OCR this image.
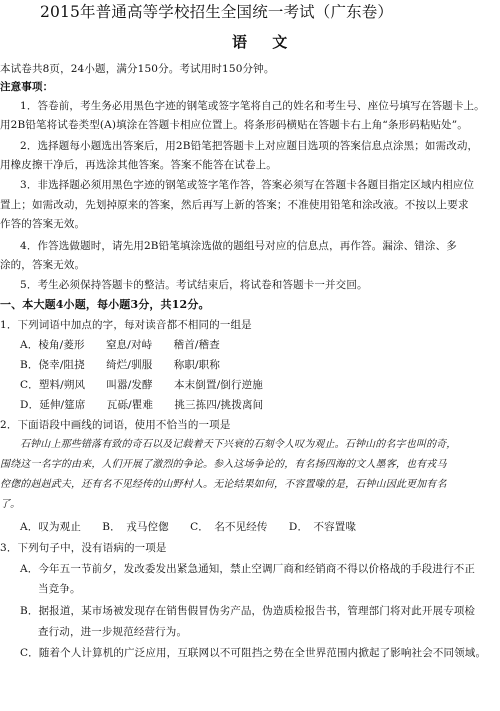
2015年普通高等学校招生全国统一考试（广东卷）
语 文
本试卷共8页，24小题，满分150分。考试用时150分钟。
注意事项：
1．答卷前，考生务必用黑色字迹的钢笔或签字笔将自己的姓名和考生号、座位号填写在答题卡上。
用2B铅笔将试卷类型(A)填涂在答题卡相应位置上。将条形码横贴在答题卡右上角“条形码粘贴处”。
2．选择题每小题选出答案后，用2B铅笔把答题卡上对应题目选项的答案信息点涂黑；如需改动，
用橡皮擦干净后，再选涂其他答案。答案不能答在试卷上。
3．非选择题必须用黑色字迹的钢笔或签字笔作答，答案必须写在答题卡各题目指定区域内相应位
置上；如需改动，先划掉原来的答案，然后再写上新的答案；不准使用铅笔和涂改液。不按以上要求
作答的答案无效。
4．作答选做题时，请先用2B铅笔填涂选做的题组号对应的信息点，再作答。漏涂、错涂、多
涂的，答案无效。
5．考生必须保持答题卡的整洁。考试结束后，将试卷和答题卡一并交回。
一、本大题4小题，每小题3分，共12分。
1．下列词语中加点的字，每对读音都不相同的一组是
A．棱角/菱形　　窒息/对峙　　稽首/稽查
B．侥幸/阻挠　　绮烂/驯服　　称职/职称
C．塑料/朔风　　叫嚣/发酵　　本末倒置/倒行逆施
D．延伸/筵席　　瓦砾/瞿难　　挑三拣四/挑拨离间
2．下面语段中画线的词语，使用不恰当的一项是
石钟山上那些错落有致的奇石以及记载着天下兴衰的石刻令人叹为观止。石钟山的名字也叫的奇，
围绕这一名字的由来，人们开展了激烈的争论。参入这场争论的，有名扬四海的文人墨客，也有戎马
倥偬的赳赳武夫，还有名不见经传的山野村人。无论结果如何，不容置喙的是，石钟山因此更加有名
了。
A．叹为观止　　B．　戎马倥偬　　C．　名不见经传　　D．　不容置喙
3．下列句子中，没有语病的一项是
A．今年五一节前夕，发改委发出紧急通知，禁止空调厂商和经销商不得以价格战的手段进行不正
当竞争。
B．据报道，某市场被发现存在销售假冒伪劣产品，伪造质检报告书，管理部门将对此开展专项检
查行动，进一步规范经营行为。
C．随着个人计算机的广泛应用，互联网以不可阻挡之势在全世界范围内掀起了影响社会不同领域。
